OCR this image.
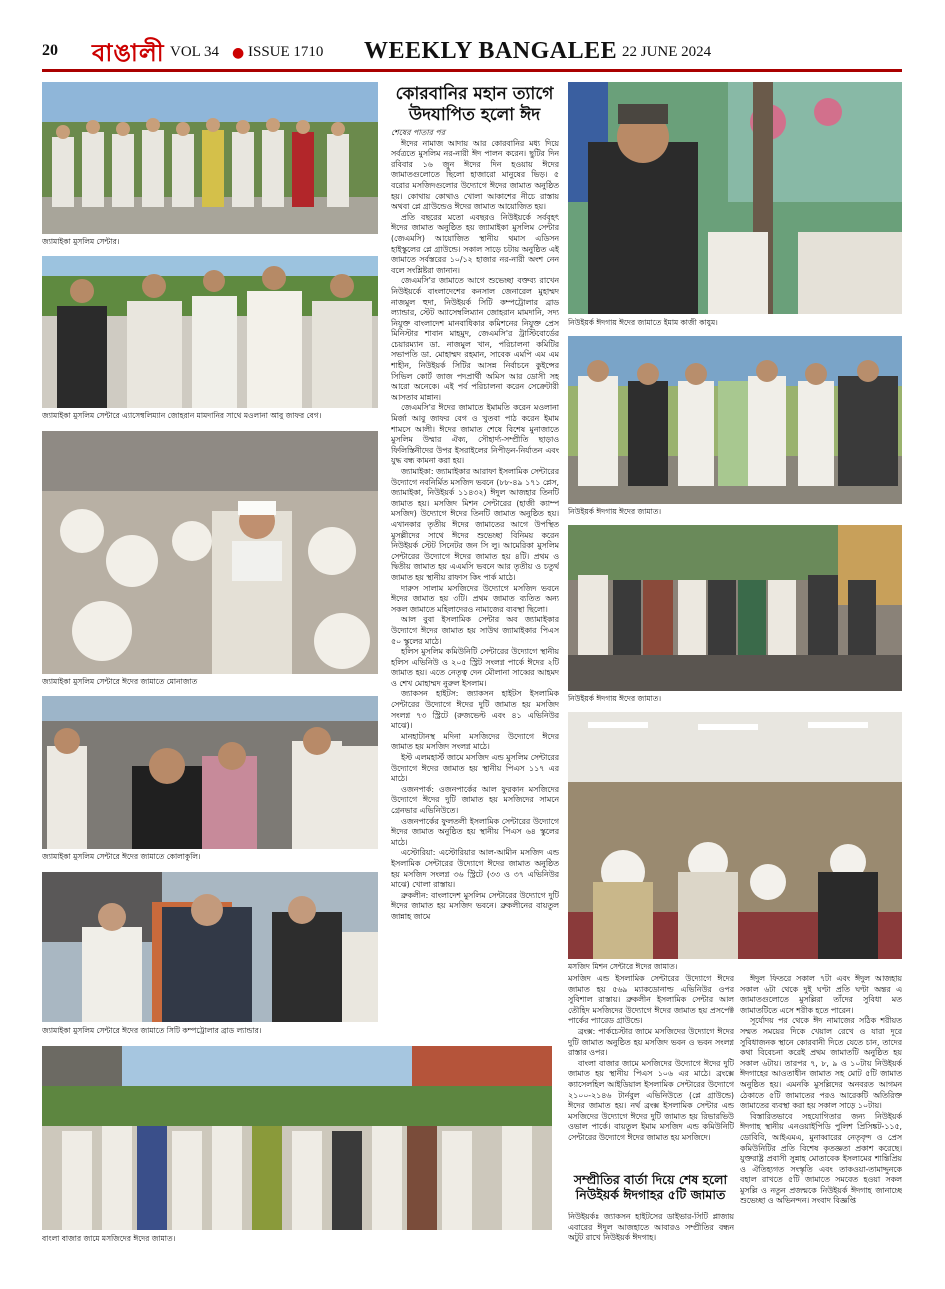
20 বাঙালী VOL 34 ● ISSUE 1710 WEEKLY BANGALEE 22 JUNE 2024
জ্যামাইকা মুসলিম সেন্টার।
জ্যামাইকা মুসলিম সেন্টারে এ্যাসেম্বলিম্যান জোহরান মামদানির সাথে মওলানা আবু জাফর বেগ।
জ্যামাইকা মুসলিম সেন্টারে ঈদের জামাতে মোনাজাত
জ্যামাইকা মুসলিম সেন্টারে ঈদের জামাতে কোলাকুলি।
জ্যামাইকা মুসলিম সেন্টারে ঈদের জামাতে সিটি কম্পট্রোলার ব্রাড ল্যান্ডার।
বাংলা বাজার জামে মসজিদের ঈদের জামাত।
কোরবানির মহান ত্যাগে উদযাপিত হলো ঈদ
শেষের পাতার পর

ঈদের নামাজ আদায় আর কোরবানির মধ্য দিয়ে সর্বত্রতে মুসলিম নর-নারী ঈদ পালন করেন। ছুটির দিন রবিবার ১৬ জুন ঈদের দিন হওয়ায় ঈদের জামাতগুলোতে ছিলো হাজারো মানুষের ভিড়। ৫ বরোর মসজিদগুলোর উদ্যোগে ঈদের জামাত অনুষ্ঠিত হয়। কোথায় কোথাও খোলা আকাশের নীচে রাস্তায় অথবা প্লে গ্রাউন্ডেও ঈদের জামাত আয়োজিত হয়।

প্রতি বছরের মতো এবছরও নিউইয়র্কে সর্ববৃহৎ ঈদের জামাত অনুষ্ঠিত হয় জ্যামাইকা মুসলিম সেন্টার (জেএমসি) আয়োজিত স্থানীয় থমাস এডিসন হাইস্কুলের প্লে গ্রাউন্ডে। সকাল সাড়ে চটায় অনুষ্ঠিত এই জামাতে সর্বস্তরের ১০/১২ হাজার নর-নারী অংশ নেন বলে সংশ্লিষ্টরা জানান।

জেএমসি'র জামাতে আগে শুভেচ্ছা বক্তব্য রাখেন নিউইয়র্কে বাংলাদেশের কনসাল জেনারেল মুহাম্মদ নাজমুল হুদা, নিউইয়র্ক সিটি কম্পট্রোলার ব্রাড ল্যান্ডার, স্টেট অ্যাসেম্বলিম্যান জোহরান মামদানি, সদ্য নিযুক্ত বাংলাদেশ মানবাধিকার কমিশনের নিযুক্ত প্রেস মিনিস্টার শাবান মাহমুদ, জেএমসি'র ট্রাস্টিবোর্ডের চেয়ারম্যান ডা. নাজমুল খান, পরিচালনা কমিটির সভাপতি ডা. মোহাম্মদ রহমান, সাবেক এমপি এম এম শাহীন, নিউইয়র্ক সিটির আসন্ন নির্বাচনে কুইন্সের সিভিল কোর্ট জাজ পদপ্রার্থী অমিস আর ডোসী সহ আরো অনেকে। এই পর্ব পরিচালনা করেন সেক্রেটারী আসতাব মান্নান।

জেএমসি'র ঈদের জামাতে ইমামতি করেন মওলানা মির্জা আবু জাফর বেগ ও খুতবা পাঠ করেন ইমাম শামসে আলী। ঈদের জামাত শেষে বিশেষ মুনাজাতে মুসলিম উম্মার ঐক্য, সৌহার্দ্য-সম্প্রীতি ছাড়াও ফিলিস্তিনীদের উপর ইসরাইলের নিপীড়ন-নির্যাতন এবং যুদ্ধ বন্ধ কামনা করা হয়।

জ্যামাইকা: জ্যামাইকার আরাফা ইসলামিক সেন্টারের উদ্যোগে নবনির্মিত মসজিদ ভবনে (৮৮-৪৯ ১৭১ প্লেস, জ্যামাইকা, নিউইয়র্ক ১১৪৩২) ঈদুল আজহার তিনটি জামাত হয়। মসজিদ মিশন সেন্টারের (হাজী ক্যাম্প মসজিদ) উদ্যোগে ঈদের তিনটি জামাত অনুষ্ঠিত হয়। এখানকার তৃতীয় ঈদের জামাতের আগে উপস্থিত মুসল্লীদের সাথে ঈদের শুভেচ্ছা বিনিময় করেন নিউইয়র্ক স্টেট সিনেটর জন সি লু। আমেরিকা মুসলিম সেন্টারের উদ্যোগে ঈদের জামাত হয় ৪টি। প্রথম ও দ্বিতীয় জামাত হয় এএমসি ভবনে আর তৃতীয় ও চতুর্থ জামাত হয় স্থানীয় রাফাস কিং পার্ক মাঠে।

দারুস সালাম মসজিদের উদ্যোগে মসজিদ ভবনে ঈদের জামাত হয় ৩টি। প্রথম জামাত ব্যতিত অন্য সকল জামাতে মহিলাদেরও নামাজের ব্যবস্থা ছিলো।

আল বুবা ইসলামিক সেন্টার অব জ্যামাইকার উদ্যোগে ঈদের জামাত হয় সাউথ জ্যামাইকার পিএস ৫০ স্কুলের মাঠে।

হলিস মুসলিম কমিউনিটি সেন্টারের উদ্যোগে স্থানীয় হলিস এভিনিউ ও ২০৫ স্ট্রিট সংলগ্ন পার্কে ঈদের ২টি জামাত হয়। এতে নেতৃত্ব দেন মৌলানা সাব্বের আহমদ ও শেখ মোহাম্মদ নুরুল ইসলাম।

জ্যাকসন হাইটস: জ্যাকসন হাইটস ইসলামিক সেন্টারের উদ্যোগে ঈদের দুটি জামাত হয় মসজিদ সংলগ্ন ৭৩ স্ট্রিটে (রুজভেল্ট এবং ৪১ এভিনিউর মাঝে)।

মানহাটানস্থ মদিনা মসজিদের উদ্যোগে ঈদের জামাত হয় মসজিদ সংলগ্ন মাঠে।

ইস্ট এলমহার্স্ট জামে মসজিদ এন্ড মুসলিম সেন্টারের উদ্যোগে ঈদের জামাত হয় স্থানীয় পিএস ১১৭ এর মাঠে।

ওজনপার্ক: ওজনপার্কের আল ফুরকান মসজিদের উদ্যোগে ঈদের দুটি জামাত হয় মসজিদের সামনে গ্রেনভার এভিনিউতে।

ওজনপার্কের ফুলতলী ইসলামিক সেন্টারের উদ্যোগে ঈদের জামাত অনুষ্ঠিত হয় স্থানীয় পিএস ৬৪ স্কুলের মাঠে।

এস্টোরিয়া: এস্টোরিয়ার আল-আমীন মসজিদ এন্ড ইসলামিক সেন্টারের উদ্যোগে ঈদের জামাত অনুষ্ঠিত হয় মসজিদ সংলগ্ন ৩৬ স্ট্রিটে (৩৩ ও ৩৭ এভিনিউর মাঝে) খোলা রাস্তায়।

ব্রুকলীন: বাংলাদেশ মুসলিম সেন্টারের উদ্যোগে দুটি ঈদের জামাত হয় মসজিদ ভবনে। ব্রুকলীনের বায়তুল জান্নাহ জামে

নিউইয়র্ক ঈদগায় ঈদের জামাতে ইমাম কাজী কাযুম।
নিউইয়র্ক ঈদগায় ঈদের জামাত।
নিউইয়র্ক ঈদগায় ঈদের জামাত।
মসজিদ মিশন সেন্টারে ঈদের জামাত।

মসজিদ এন্ড ইসলামিক সেন্টারের উদ্যোগে ঈদের জামাত হয় ৫৬৯ ম্যাকডোনাল্ড এভিনিউর ওপর সুবিশাল রাস্তায়। ব্রুকলীন ইসলামিক সেন্টার আল তৌহিদ মসজিদের উদ্যোগে ঈদের জামাত হয় প্রসপেক্ট পার্কের প্যারেড গ্রাউন্ডে।

ব্রংক্স: পার্কচেস্টার জামে মসজিদের উদ্যোগে ঈদের দুটি জামাত অনুষ্ঠিত হয় মসজিদ ভবন ও ভবন সংলগ্ন রাস্তার ওপর।

বাংলা বাজার জামে মসজিদের উদ্যোগে ঈদের দুটি জামাত হয় স্থানীয় পিএস ১০৬ এর মাঠে। ব্রংক্সে ক্যাসেলহিল আইডিয়াল ইসলামিক সেন্টারের উদ্যোগে ২১০০-২১৪৬ টার্নবুল এভিনিউতে (প্লে গ্রাউন্ডে) ঈদের জামাত হয়। নর্থ ব্রংক্স ইসলামিক সেন্টার এন্ড মসজিদের উদ্যোগে ঈদের দুটি জামাত হয় রিভারভিউ ওভাল পার্কে। বায়তুল ইমাম মসজিদ এন্ড কমিউনিটি সেন্টারের উদ্যোগে ঈদের জামাত হয় মসজিদে।

সম্প্রীতির বার্তা দিয়ে শেষ হলো নিউইয়র্ক ঈদগাহর ৫টি জামাত

নিউইয়র্কঃ জ্যাকসন হাইটসের ডাইভার-সিটি প্লাজায় এবারের ঈদুল আজহাতে আবারও সম্প্রীতির বন্ধন অটুট রাখে নিউইয়র্ক ঈদগাহ।

ঈদুল ফিতরে সকাল ৭টা এবং ঈদুল আজহায় সকাল ৬টা থেকে দুই ঘণ্টা প্রতি ঘণ্টা অন্তর এ জামাতগুলোতে মুসল্লিরা তাঁদের সুবিধা মত জামাতটিতে এসে শরীক হতে পারেন।

সূর্যোদয় পর থেকে ঈদ নামাজের সঠিক শরীয়ত সম্মত সময়ের দিকে খেয়াল রেখে ও যারা দূরে সুবিধাজনক স্থানে কোরবানী দিতে যেতে চান, তাদের কথা বিবেচনা করেই প্রথম জামাতটি অনুষ্ঠিত হয় সকাল ৬টায়। তারপর ৭, ৮, ৯ ও ১০টায় নিউইয়র্ক ঈদগাহের আওতাধীন জামাত সহ মোট ৫টি জামাত অনুষ্ঠিত হয়। এমনকি মুসল্লিদের অনবরত আগমন ঠেকাতে ৫টি জামাতের পরও আরেকটি অতিরিক্ত জামাতের ব্যবস্থা করা হয় সকাল সাড়ে ১০টায়।

বিস্তারিতভাবে সহযোগিতার জন্য নিউইয়র্ক ঈদগাহ স্থানীয় এনওয়াইপিডি পুলিশ প্রিসিঙ্কট-১১৫, ডোবিবি, আইএমএ, মুনাব্বারের নেতৃবৃন্দ ও প্রেস কমিউনিটির প্রতি বিশেষ কৃতজ্ঞতা প্রকাশ করেছে। যুক্তরাষ্ট্র প্রবাসী সুন্নাহ মোতাবেক ইসলামের শান্তিপ্রিয় ও ঐতিহ্যগত সংস্কৃতি এবং তাকওয়া-তামাদ্দুনকে বহাল রাখতে ৫টি জামাতে সমবেত হওয়া সকল মুসল্লি ও নতুন প্রজন্মকে নিউইয়র্ক ঈদগাহ জানাচ্ছে শুভেচ্ছা ও অভিনন্দন। সংবাদ বিজ্ঞপ্তি
